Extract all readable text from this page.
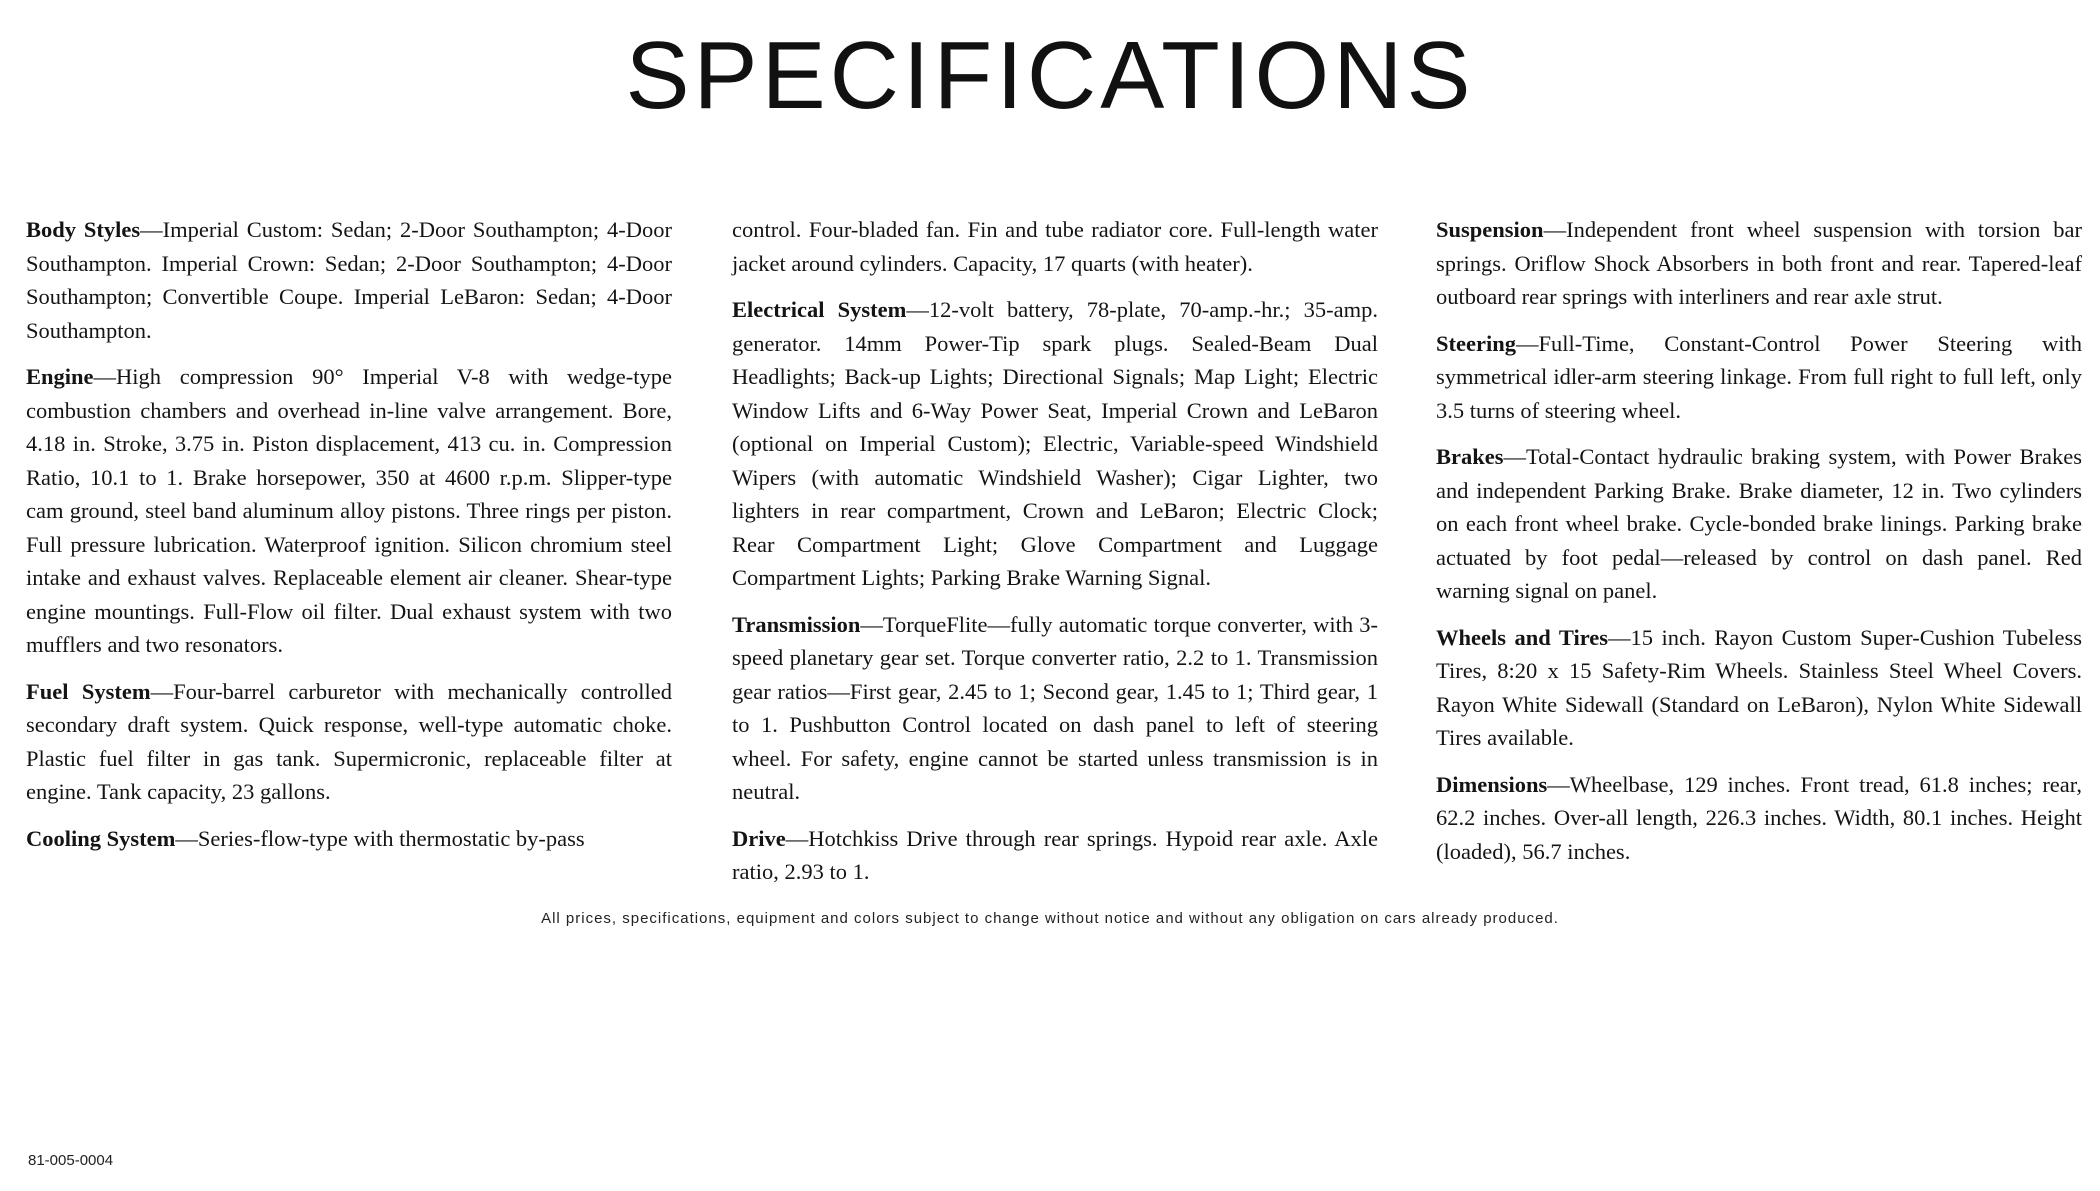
SPECIFICATIONS

Body Styles—Imperial Custom: Sedan; 2-Door Southampton; 4-Door Southampton. Imperial Crown: Sedan; 2-Door Southampton; 4-Door Southampton; Convertible Coupe. Imperial LeBaron: Sedan; 4-Door Southampton.

Engine—High compression 90° Imperial V-8 with wedge-type combustion chambers and overhead in-line valve arrangement. Bore, 4.18 in. Stroke, 3.75 in. Piston displacement, 413 cu. in. Compression Ratio, 10.1 to 1. Brake horsepower, 350 at 4600 r.p.m. Slipper-type cam ground, steel band aluminum alloy pistons. Three rings per piston. Full pressure lubrication. Waterproof ignition. Silicon chromium steel intake and exhaust valves. Replaceable element air cleaner. Shear-type engine mountings. Full-Flow oil filter. Dual exhaust system with two mufflers and two resonators.

Fuel System—Four-barrel carburetor with mechanically controlled secondary draft system. Quick response, well-type automatic choke. Plastic fuel filter in gas tank. Supermicronic, replaceable filter at engine. Tank capacity, 23 gallons.

Cooling System—Series-flow-type with thermostatic by-pass

control. Four-bladed fan. Fin and tube radiator core. Full-length water jacket around cylinders. Capacity, 17 quarts (with heater).

Electrical System—12-volt battery, 78-plate, 70-amp.-hr.; 35-amp. generator. 14mm Power-Tip spark plugs. Sealed-Beam Dual Headlights; Back-up Lights; Directional Signals; Map Light; Electric Window Lifts and 6-Way Power Seat, Imperial Crown and LeBaron (optional on Imperial Custom); Electric, Variable-speed Windshield Wipers (with automatic Windshield Washer); Cigar Lighter, two lighters in rear compartment, Crown and LeBaron; Electric Clock; Rear Compartment Light; Glove Compartment and Luggage Compartment Lights; Parking Brake Warning Signal.

Transmission—TorqueFlite—fully automatic torque converter, with 3-speed planetary gear set. Torque converter ratio, 2.2 to 1. Transmission gear ratios—First gear, 2.45 to 1; Second gear, 1.45 to 1; Third gear, 1 to 1. Pushbutton Control located on dash panel to left of steering wheel. For safety, engine cannot be started unless transmission is in neutral.

Drive—Hotchkiss Drive through rear springs. Hypoid rear axle. Axle ratio, 2.93 to 1.

Suspension—Independent front wheel suspension with torsion bar springs. Oriflow Shock Absorbers in both front and rear. Tapered-leaf outboard rear springs with interliners and rear axle strut.

Steering—Full-Time, Constant-Control Power Steering with symmetrical idler-arm steering linkage. From full right to full left, only 3.5 turns of steering wheel.

Brakes—Total-Contact hydraulic braking system, with Power Brakes and independent Parking Brake. Brake diameter, 12 in. Two cylinders on each front wheel brake. Cycle-bonded brake linings. Parking brake actuated by foot pedal—released by control on dash panel. Red warning signal on panel.

Wheels and Tires—15 inch. Rayon Custom Super-Cushion Tubeless Tires, 8:20 x 15 Safety-Rim Wheels. Stainless Steel Wheel Covers. Rayon White Sidewall (Standard on LeBaron), Nylon White Sidewall Tires available.

Dimensions—Wheelbase, 129 inches. Front tread, 61.8 inches; rear, 62.2 inches. Over-all length, 226.3 inches. Width, 80.1 inches. Height (loaded), 56.7 inches.

All prices, specifications, equipment and colors subject to change without notice and without any obligation on cars already produced.
81-005-0004
